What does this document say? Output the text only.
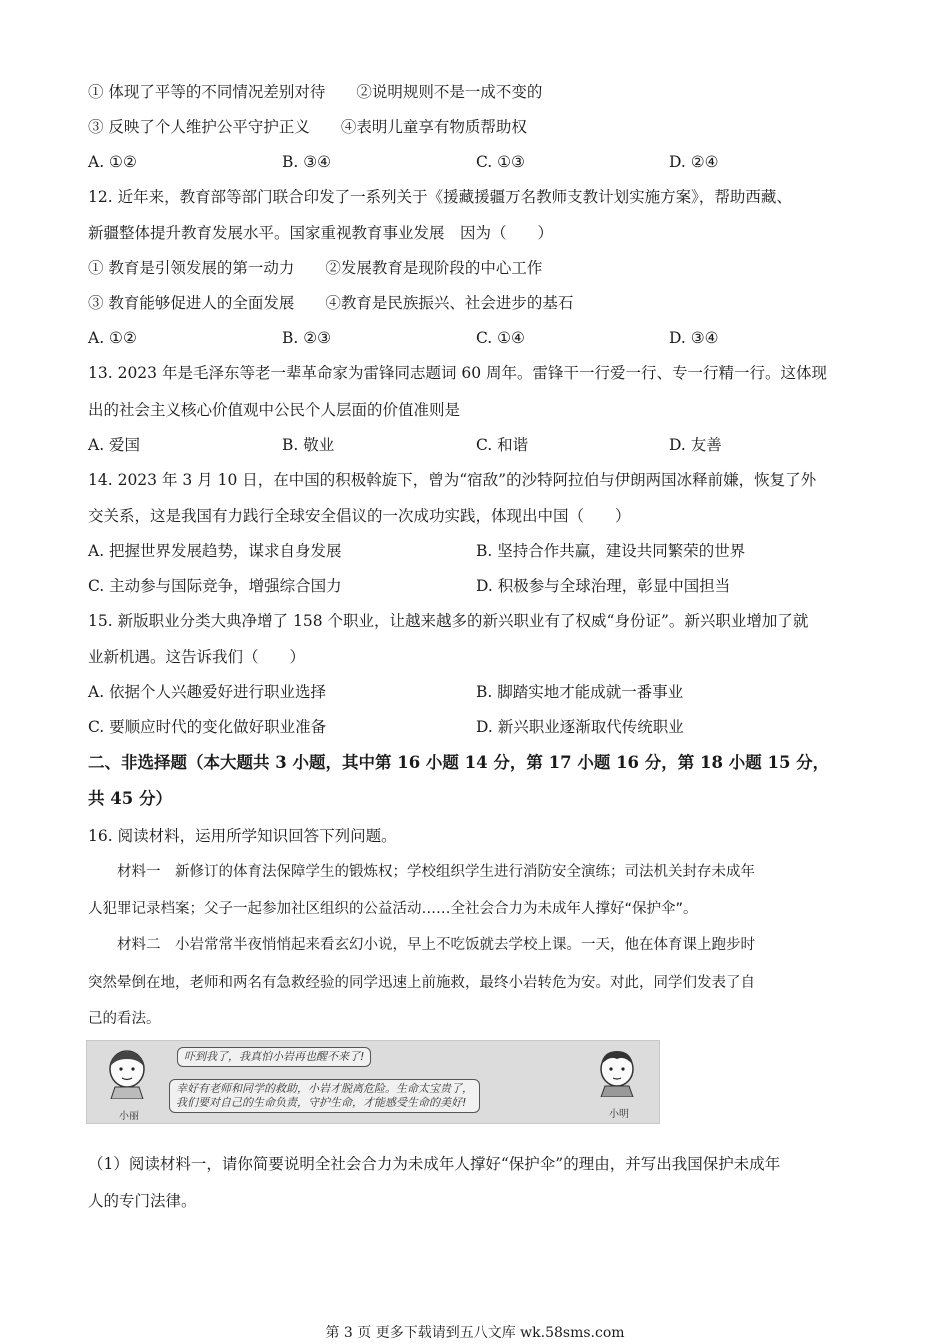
① 体现了平等的不同情况差别对待　　②说明规则不是一成不变的
③ 反映了个人维护公平守护正义　　④表明儿童享有物质帮助权
A. ①②	B. ③④	C. ①③	D. ②④
12. 近年来，教育部等部门联合印发了一系列关于《援藏援疆万名教师支教计划实施方案》，帮助西藏、
新疆整体提升教育发展水平。国家重视教育事业发展　因为（　　）
① 教育是引领发展的第一动力　　②发展教育是现阶段的中心工作
③ 教育能够促进人的全面发展　　④教育是民族振兴、社会进步的基石
A. ①②	B. ②③	C. ①④	D. ③④
13. 2023 年是毛泽东等老一辈革命家为雷锋同志题词 60 周年。雷锋干一行爱一行、专一行精一行。这体现
出的社会主义核心价值观中公民个人层面的价值准则是
A. 爱国	B. 敬业	C. 和谐	D. 友善
14. 2023 年 3 月 10 日，在中国的积极斡旋下，曾为“宿敌”的沙特阿拉伯与伊朗两国冰释前嫌，恢复了外
交关系，这是我国有力践行全球安全倡议的一次成功实践，体现出中国（　　）
A. 把握世界发展趋势，谋求自身发展	B. 坚持合作共赢，建设共同繁荣的世界
C. 主动参与国际竞争，增强综合国力	D. 积极参与全球治理，彰显中国担当
15. 新版职业分类大典净增了 158 个职业，让越来越多的新兴职业有了权威“身份证”。新兴职业增加了就
业新机遇。这告诉我们（　　）
A. 依据个人兴趣爱好进行职业选择	B. 脚踏实地才能成就一番事业
C. 要顺应时代的变化做好职业准备	D. 新兴职业逐渐取代传统职业
二、非选择题（本大题共 3 小题，其中第 16 小题 14 分，第 17 小题 16 分，第 18 小题 15 分，
共 45 分）
16. 阅读材料，运用所学知识回答下列问题。
　　材料一　新修订的体育法保障学生的锻炼权；学校组织学生进行消防安全演练；司法机关封存未成年
人犯罪记录档案；父子一起参加社区组织的公益活动……全社会合力为未成年人撑好“保护伞”。
　　材料二　小岩常常半夜悄悄起来看玄幻小说，早上不吃饭就去学校上课。一天，他在体育课上跑步时
突然晕倒在地，老师和两名有急救经验的同学迅速上前施救，最终小岩转危为安。对此，同学们发表了自
己的看法。
小丽
吓到我了，我真怕小岩再也醒不来了!
幸好有老师和同学的救助，小岩才脱离危险。生命太宝贵了，
我们要对自己的生命负责，守护生命，才能感受生命的美好!
小明
（1）阅读材料一，请你简要说明全社会合力为未成年人撑好“保护伞”的理由，并写出我国保护未成年
人的专门法律。
第 3 页 更多下载请到五八文库 wk.58sms.com
